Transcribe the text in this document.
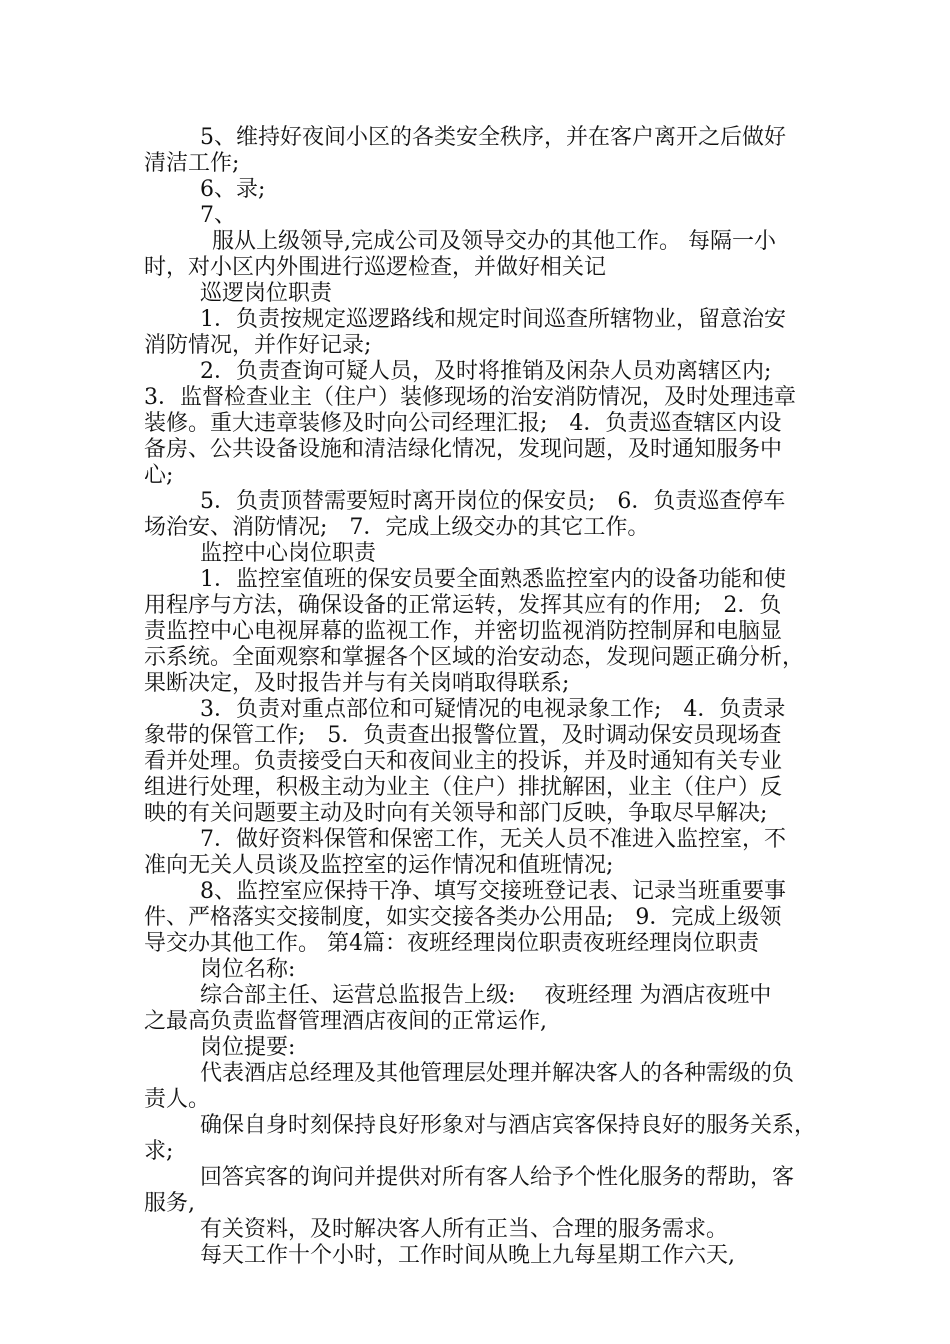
5、维持好夜间小区的各类安全秩序，并在客户离开之后做好

清洁工作;

6、录;

7、

服从上级领导,完成公司及领导交办的其他工作。 每隔一小

时，对小区内外围进行巡逻检查，并做好相关记

巡逻岗位职责

1．负责按规定巡逻路线和规定时间巡查所辖物业，留意治安

消防情况，并作好记录;

2．负责查询可疑人员，及时将推销及闲杂人员劝离辖区内;

3．监督检查业主（住户）装修现场的治安消防情况，及时处理违章

装修。重大违章装修及时向公司经理汇报;　4．负责巡查辖区内设

备房、公共设备设施和清洁绿化情况，发现问题，及时通知服务中

心;

5．负责顶替需要短时离开岗位的保安员;　6．负责巡查停车

场治安、消防情况;　7．完成上级交办的其它工作。

监控中心岗位职责

1．监控室值班的保安员要全面熟悉监控室内的设备功能和使

用程序与方法，确保设备的正常运转，发挥其应有的作用;　2．负

责监控中心电视屏幕的监视工作，并密切监视消防控制屏和电脑显

示系统。全面观察和掌握各个区域的治安动态，发现问题正确分析，

果断决定，及时报告并与有关岗哨取得联系;

3．负责对重点部位和可疑情况的电视录象工作;　4．负责录

象带的保管工作;　5．负责查出报警位置，及时调动保安员现场查

看并处理。负责接受白天和夜间业主的投诉，并及时通知有关专业

组进行处理，积极主动为业主（住户）排扰解困，业主（住户）反

映的有关问题要主动及时向有关领导和部门反映，争取尽早解决;

7．做好资料保管和保密工作，无关人员不准进入监控室，不

准向无关人员谈及监控室的运作情况和值班情况;

8、监控室应保持干净、填写交接班登记表、记录当班重要事

件、严格落实交接制度，如实交接各类办公用品;　9．完成上级领

导交办其他工作。 第4篇：夜班经理岗位职责夜班经理岗位职责

岗位名称:

综合部主任、运营总监报告上级:　 夜班经理 为酒店夜班中

之最高负责监督管理酒店夜间的正常运作,

岗位提要:

代表酒店总经理及其他管理层处理并解决客人的各种需级的负

责人。

确保自身时刻保持良好形象对与酒店宾客保持良好的服务关系，

求;

回答宾客的询问并提供对所有客人给予个性化服务的帮助，客

服务,

有关资料，及时解决客人所有正当、合理的服务需求。

每天工作十个小时，工作时间从晚上九每星期工作六天,
